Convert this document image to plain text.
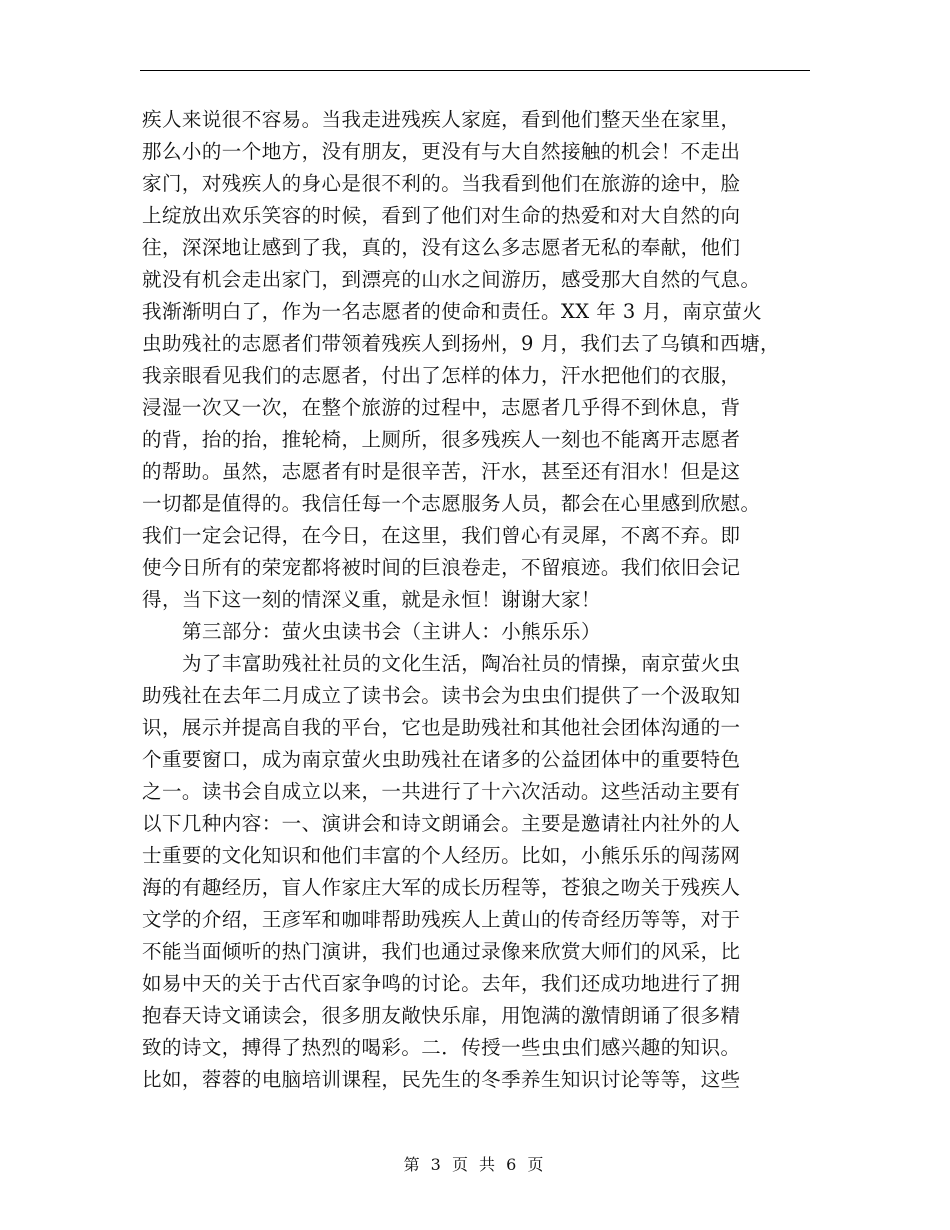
疾人来说很不容易。当我走进残疾人家庭，看到他们整天坐在家里，
那么小的一个地方，没有朋友，更没有与大自然接触的机会！不走出
家门，对残疾人的身心是很不利的。当我看到他们在旅游的途中，脸
上绽放出欢乐笑容的时候，看到了他们对生命的热爱和对大自然的向
往，深深地让感到了我，真的，没有这么多志愿者无私的奉献，他们
就没有机会走出家门，到漂亮的山水之间游历，感受那大自然的气息。
我渐渐明白了，作为一名志愿者的使命和责任。XX 年 3 月，南京萤火
虫助残社的志愿者们带领着残疾人到扬州，9 月，我们去了乌镇和西塘，
我亲眼看见我们的志愿者，付出了怎样的体力，汗水把他们的衣服，
浸湿一次又一次，在整个旅游的过程中，志愿者几乎得不到休息，背
的背，抬的抬，推轮椅，上厕所，很多残疾人一刻也不能离开志愿者
的帮助。虽然，志愿者有时是很辛苦，汗水，甚至还有泪水！但是这
一切都是值得的。我信任每一个志愿服务人员，都会在心里感到欣慰。
我们一定会记得，在今日，在这里，我们曾心有灵犀，不离不弃。即
使今日所有的荣宠都将被时间的巨浪卷走，不留痕迹。我们依旧会记
得，当下这一刻的情深义重，就是永恒！谢谢大家！
第三部分：萤火虫读书会（主讲人：小熊乐乐）
为了丰富助残社社员的文化生活，陶冶社员的情操，南京萤火虫
助残社在去年二月成立了读书会。读书会为虫虫们提供了一个汲取知
识，展示并提高自我的平台，它也是助残社和其他社会团体沟通的一
个重要窗口，成为南京萤火虫助残社在诸多的公益团体中的重要特色
之一。读书会自成立以来，一共进行了十六次活动。这些活动主要有
以下几种内容：一、演讲会和诗文朗诵会。主要是邀请社内社外的人
士重要的文化知识和他们丰富的个人经历。比如，小熊乐乐的闯荡网
海的有趣经历，盲人作家庄大军的成长历程等，苍狼之吻关于残疾人
文学的介绍，王彦军和咖啡帮助残疾人上黄山的传奇经历等等，对于
不能当面倾听的热门演讲，我们也通过录像来欣赏大师们的风采，比
如易中天的关于古代百家争鸣的讨论。去年，我们还成功地进行了拥
抱春天诗文诵读会，很多朋友敞快乐扉，用饱满的激情朗诵了很多精
致的诗文，搏得了热烈的喝彩。二．传授一些虫虫们感兴趣的知识。
比如，蓉蓉的电脑培训课程，民先生的冬季养生知识讨论等等，这些
第 3 页 共 6 页
